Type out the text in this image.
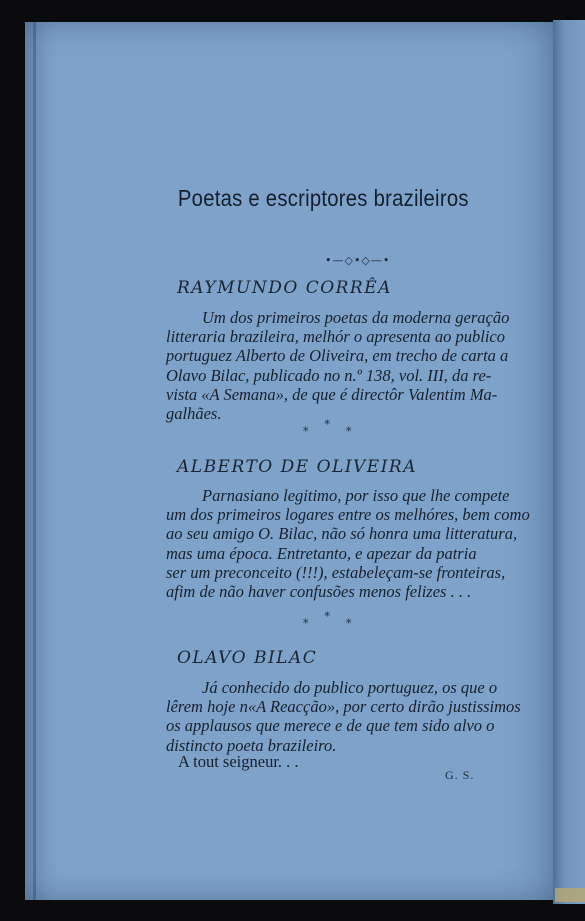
Poetas e escriptores brazileiros
•—◇•◇—•
RAYMUNDO CORRÊA
Um dos primeiros poetas da moderna geração
litteraria brazileira, melhór o apresenta ao publico
portuguez Alberto de Oliveira, em trecho de carta a
Olavo Bilac, publicado no n.º 138, vol. III, da re-
vista «A Semana», de que é directôr Valentim Ma-
galhães.
***
ALBERTO DE OLIVEIRA
Parnasiano legitimo, por isso que lhe compete
um dos primeiros logares entre os melhóres, bem como
ao seu amigo O. Bilac, não só honra uma litteratura,
mas uma época. Entretanto, e apezar da patria
ser um preconceito (!!!), estabeleçam-se fronteiras,
afim de não haver confusões menos felizes . . .
***
OLAVO BILAC
Já conhecido do publico portuguez, os que o
lêrem hoje n«A Reacção», por certo dirão justissimos
os applausos que merece e de que tem sido alvo o
distincto poeta brazileiro.
A tout seigneur. . .
G. S.
